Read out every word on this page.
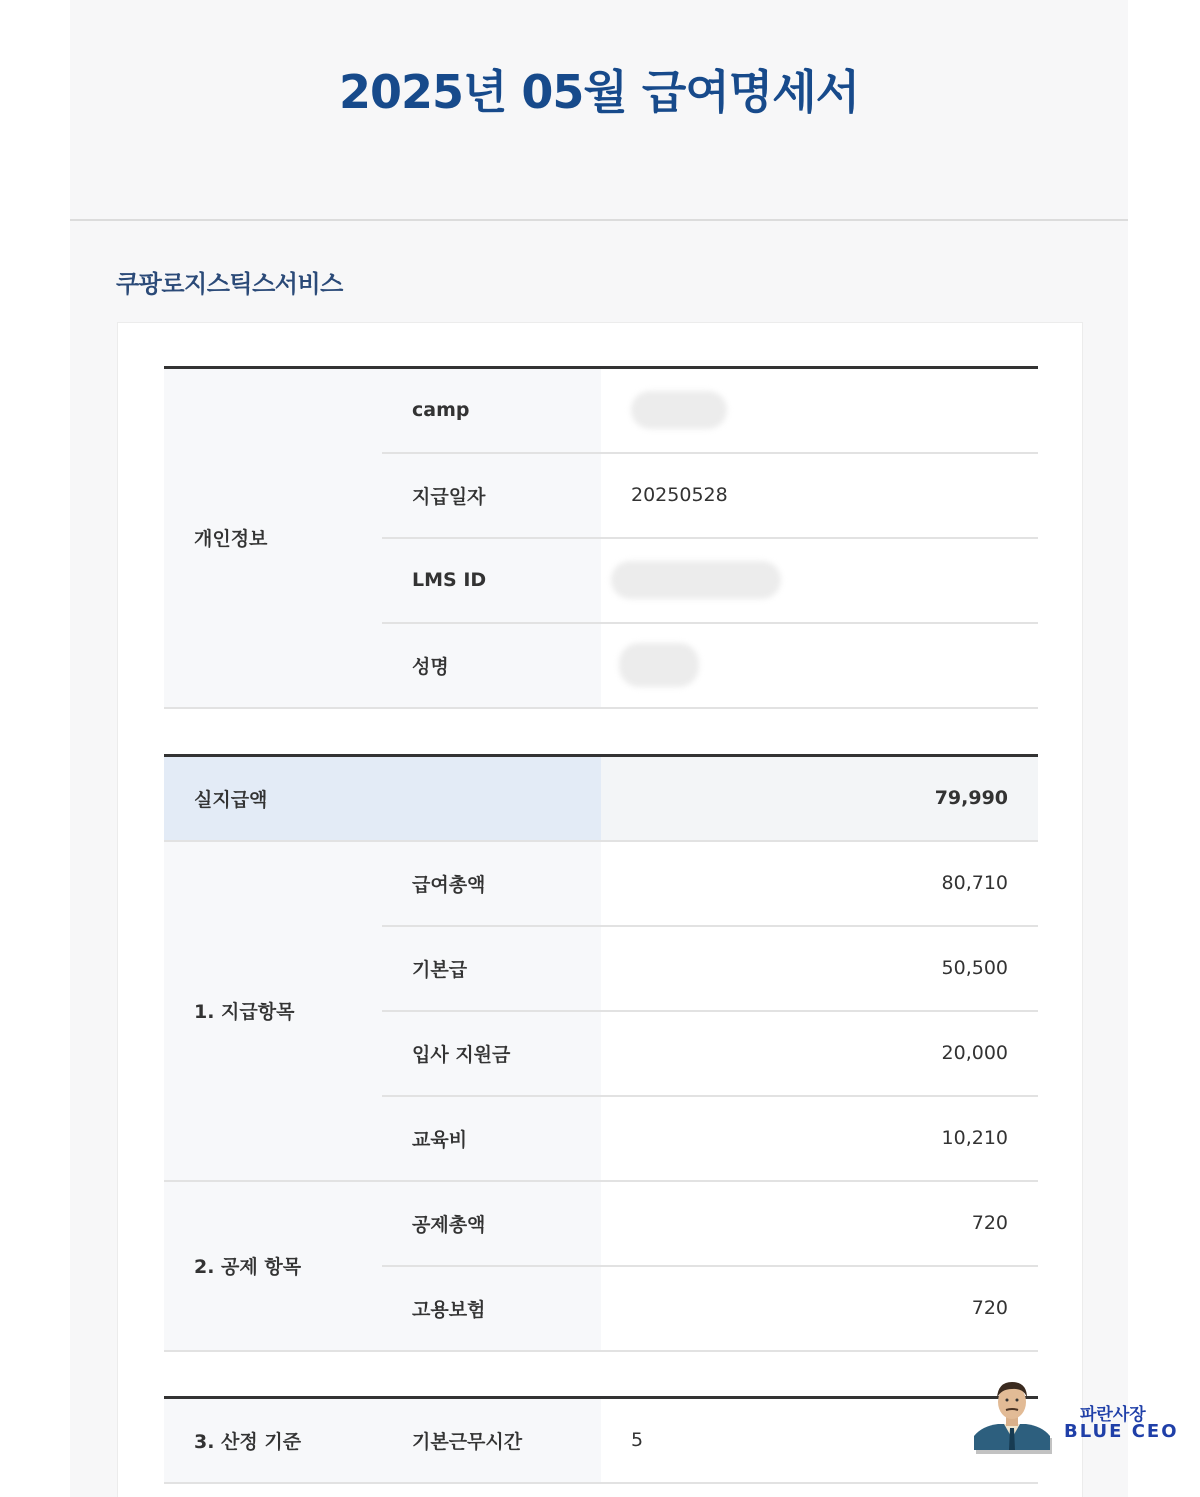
2025년 05월 급여명세서
쿠팡로지스틱스서비스
개인정보	camp	
	지급일자	20250528
	LMS ID	
	성명	
실지급액		79,990
1. 지급항목	급여총액	80,710
	기본급	50,500
	입사 지원금	20,000
	교육비	10,210
2. 공제 항목	공제총액	720
	고용보험	720
3. 산정 기준	기본근무시간	5
파란사장
BLUE CEO
